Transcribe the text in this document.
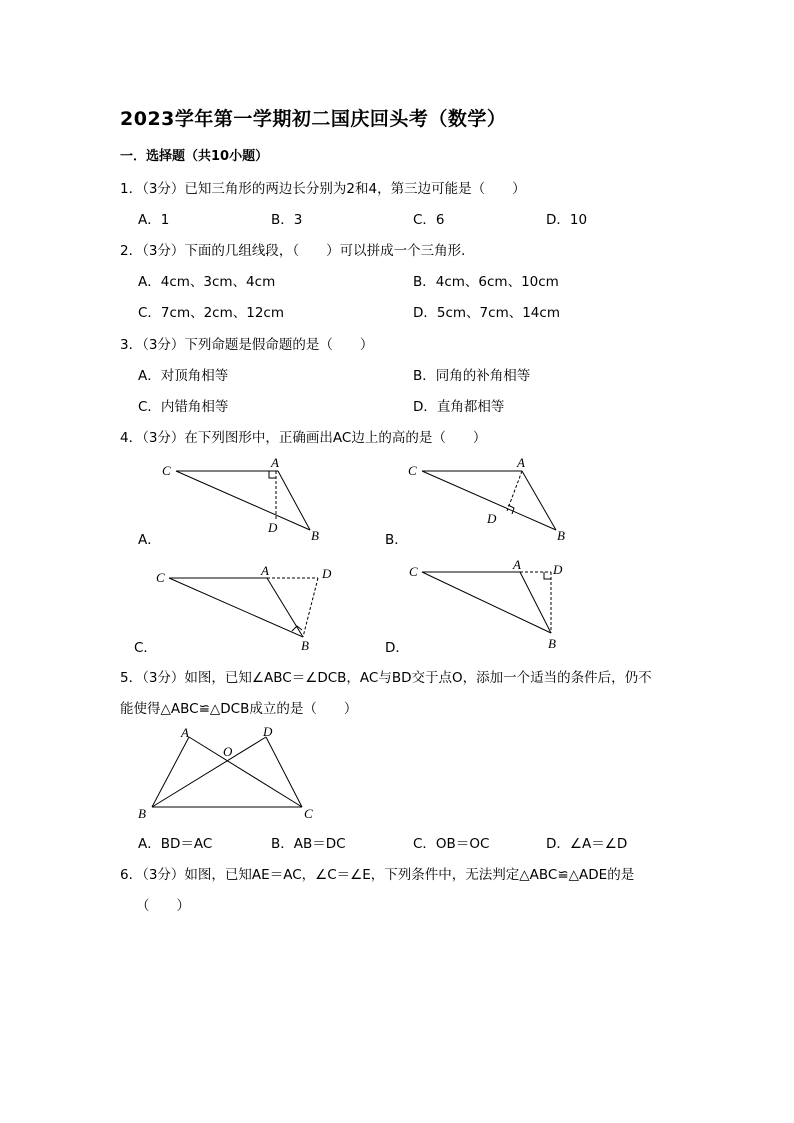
2023学年第一学期初二国庆回头考（数学）
一．选择题（共10小题）
1．（3分）已知三角形的两边长分别为2和4，第三边可能是（　　）
A．1	B．3	C．6	D．10
2．（3分）下面的几组线段，（　　）可以拼成一个三角形．
A．4cm、3cm、4cm	B．4cm、6cm、10cm
C．7cm、2cm、12cm	D．5cm、7cm、14cm
3．（3分）下列命题是假命题的是（　　）
A．对顶角相等	B．同角的补角相等
C．内错角相等	D．直角都相等
4．（3分）在下列图形中，正确画出AC边上的高的是（　　）
C
A
D
B
A．
C
A
D
B
B．
C	A	D
B
C．
C	A D
B
D．
5．（3分）如图，已知∠ABC＝∠DCB，AC与BD交于点O，添加一个适当的条件后，仍不
能使得△ABC≌△DCB成立的是（　　）
A	D
O
B	C
A．BD＝AC	B．AB＝DC	C．OB＝OC	D．∠A＝∠D
6．（3分）如图，已知AE＝AC，∠C＝∠E，下列条件中，无法判定△ABC≌△ADE的是
（　　）
